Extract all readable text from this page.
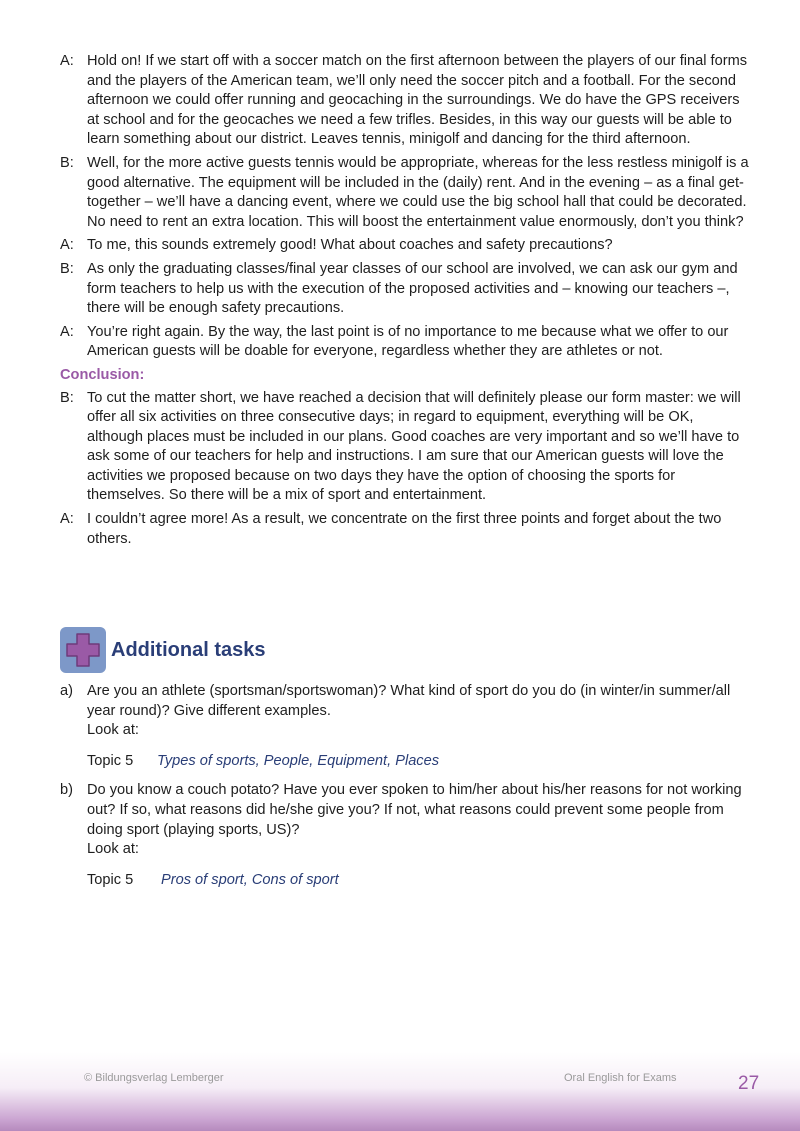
A: Hold on! If we start off with a soccer match on the first afternoon between the players of our final forms and the players of the American team, we’ll only need the soccer pitch and a football. For the second afternoon we could offer running and geocaching in the surroundings. We do have the GPS receivers at school and for the geocaches we need a few trifles. Besides, in this way our guests will be able to learn something about our district. Leaves tennis, minigolf and dancing for the third afternoon.
B: Well, for the more active guests tennis would be appropriate, whereas for the less restless minigolf is a good alternative. The equipment will be included in the (daily) rent. And in the evening – as a final get-together – we’ll have a dancing event, where we could use the big school hall that could be decorated. No need to rent an extra location. This will boost the entertainment value enormously, don’t you think?
A: To me, this sounds extremely good! What about coaches and safety precautions?
B: As only the graduating classes/final year classes of our school are involved, we can ask our gym and form teachers to help us with the execution of the proposed activities and – knowing our teachers –, there will be enough safety precautions.
A: You’re right again. By the way, the last point is of no importance to me because what we offer to our American guests will be doable for everyone, regardless whether they are athletes or not.
Conclusion:
B: To cut the matter short, we have reached a decision that will definitely please our form master: we will offer all six activities on three consecutive days; in regard to equipment, everything will be OK, although places must be included in our plans. Good coaches are very important and so we’ll have to ask some of our teachers for help and instructions. I am sure that our American guests will love the activities we proposed because on two days they have the option of choosing the sports for themselves. So there will be a mix of sport and entertainment.
A: I couldn’t agree more! As a result, we concentrate on the first three points and forget about the two others.
Additional tasks
a) Are you an athlete (sportsman/sportswoman)? What kind of sport do you do (in winter/in summer/all year round)? Give different examples.
Look at:
Topic 5	Types of sports, People, Equipment, Places
b) Do you know a couch potato? Have you ever spoken to him/her about his/her reasons for not working out? If so, what reasons did he/she give you? If not, what reasons could prevent some people from doing sport (playing sports, US)?
Look at:
Topic 5	Pros of sport, Cons of sport
© Bildungsverlag Lemberger	Oral English for Exams	27
